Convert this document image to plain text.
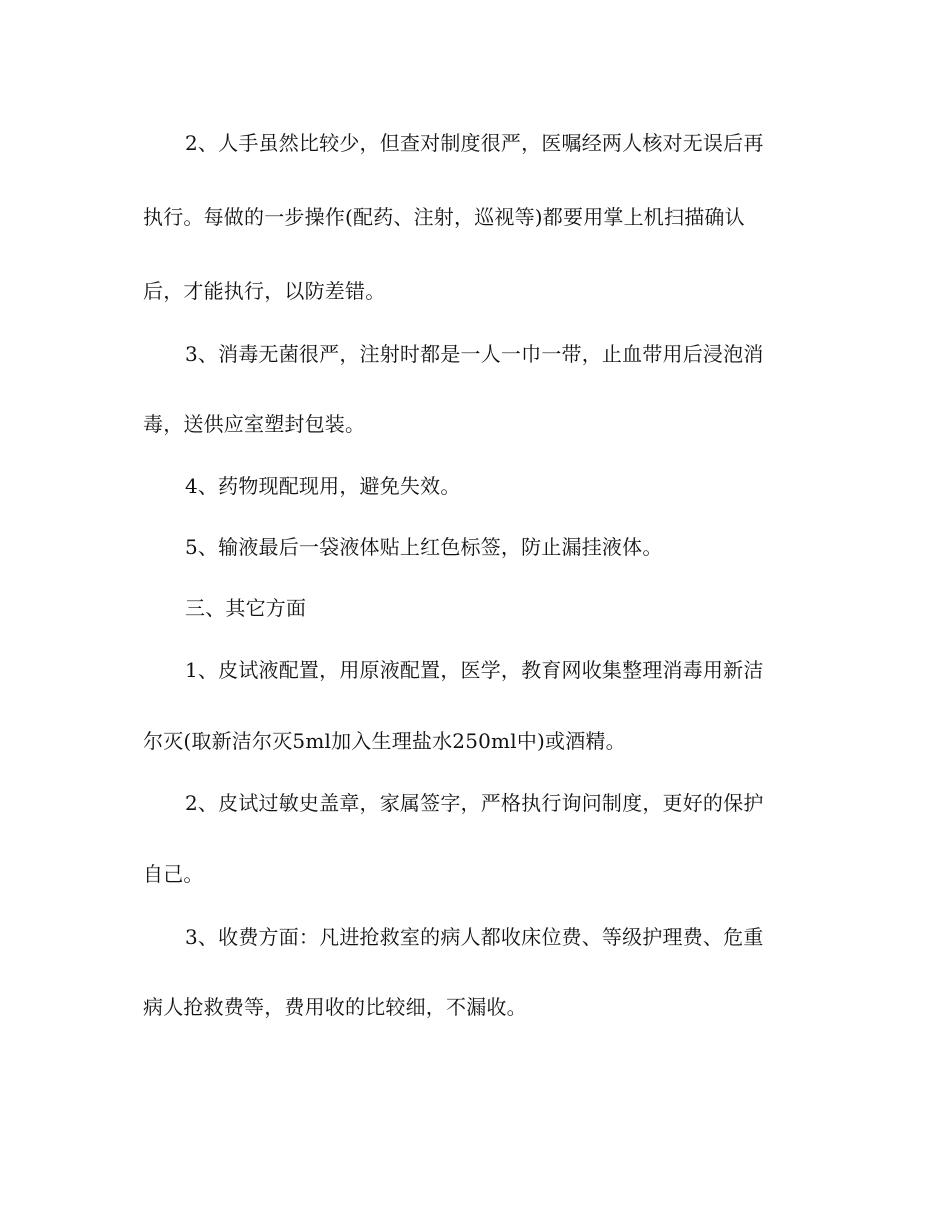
2、人手虽然比较少，但查对制度很严，医嘱经两人核对无误后再
执行。每做的一步操作(配药、注射，巡视等)都要用掌上机扫描确认
后，才能执行，以防差错。
3、消毒无菌很严，注射时都是一人一巾一带，止血带用后浸泡消
毒，送供应室塑封包装。
4、药物现配现用，避免失效。
5、输液最后一袋液体贴上红色标签，防止漏挂液体。
三、其它方面
1、皮试液配置，用原液配置，医学，教育网收集整理消毒用新洁
尔灭(取新洁尔灭5ml加入生理盐水250ml中)或酒精。
2、皮试过敏史盖章，家属签字，严格执行询问制度，更好的保护
自己。
3、收费方面：凡进抢救室的病人都收床位费、等级护理费、危重
病人抢救费等，费用收的比较细，不漏收。
